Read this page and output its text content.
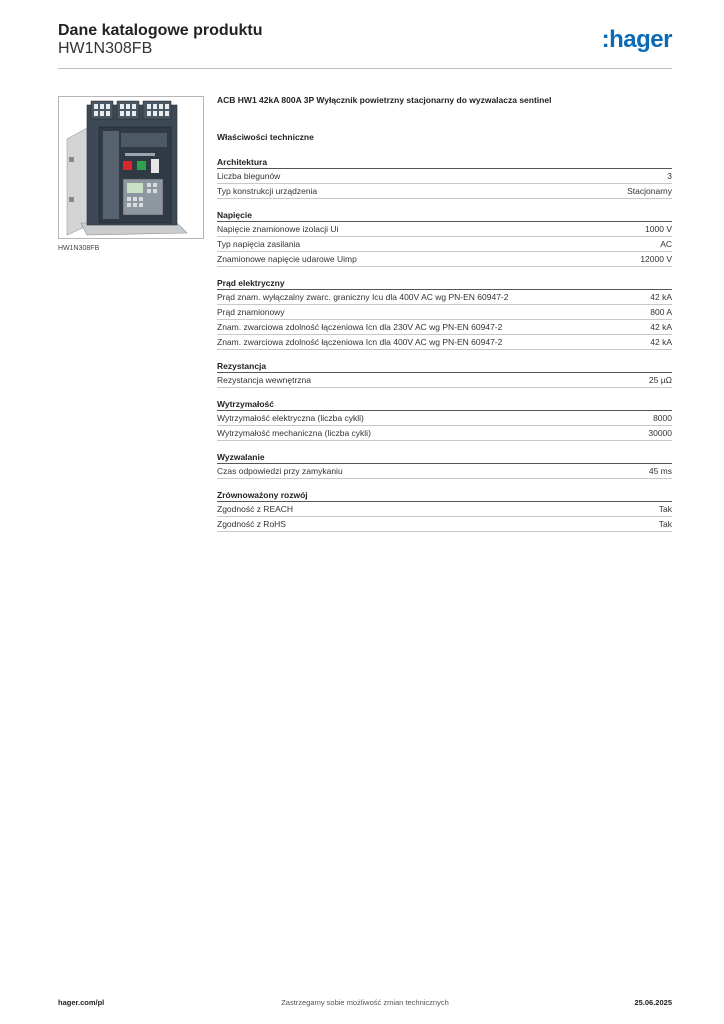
Dane katalogowe produktu
HW1N308FB	:hager
HW1N308FB
ACB HW1 42kA 800A 3P Wyłącznik powietrzny stacjonarny do wyzwalacza sentinel
Właściwości techniczne
Architektura
Liczba biegunów	3
Typ konstrukcji urządzenia	Stacjonarny
Napięcie
Napięcie znamionowe izolacji Ui	1000 V
Typ napięcia zasilania	AC
Znamionowe napięcie udarowe Uimp	12000 V
Prąd elektryczny
Prąd znam. wyłączalny zwarc. graniczny Icu dla 400V AC wg PN-EN 60947-2	42 kA
Prąd znamionowy	800 A
Znam. zwarciowa zdolność łączeniowa Icn dla 230V AC wg PN-EN 60947-2	42 kA
Znam. zwarciowa zdolność łączeniowa Icn dla 400V AC wg PN-EN 60947-2	42 kA
Rezystancja
Rezystancja wewnętrzna	25 µΩ
Wytrzymałość
Wytrzymałość elektryczna (liczba cykli)	8000
Wytrzymałość mechaniczna (liczba cykli)	30000
Wyzwalanie
Czas odpowiedzi przy zamykaniu	45 ms
Zrównoważony rozwój
Zgodność z REACH	Tak
Zgodność z RoHS	Tak
Zastrzegamy sobie możliwość zmian technicznych
hager.com/pl	25.06.2025
